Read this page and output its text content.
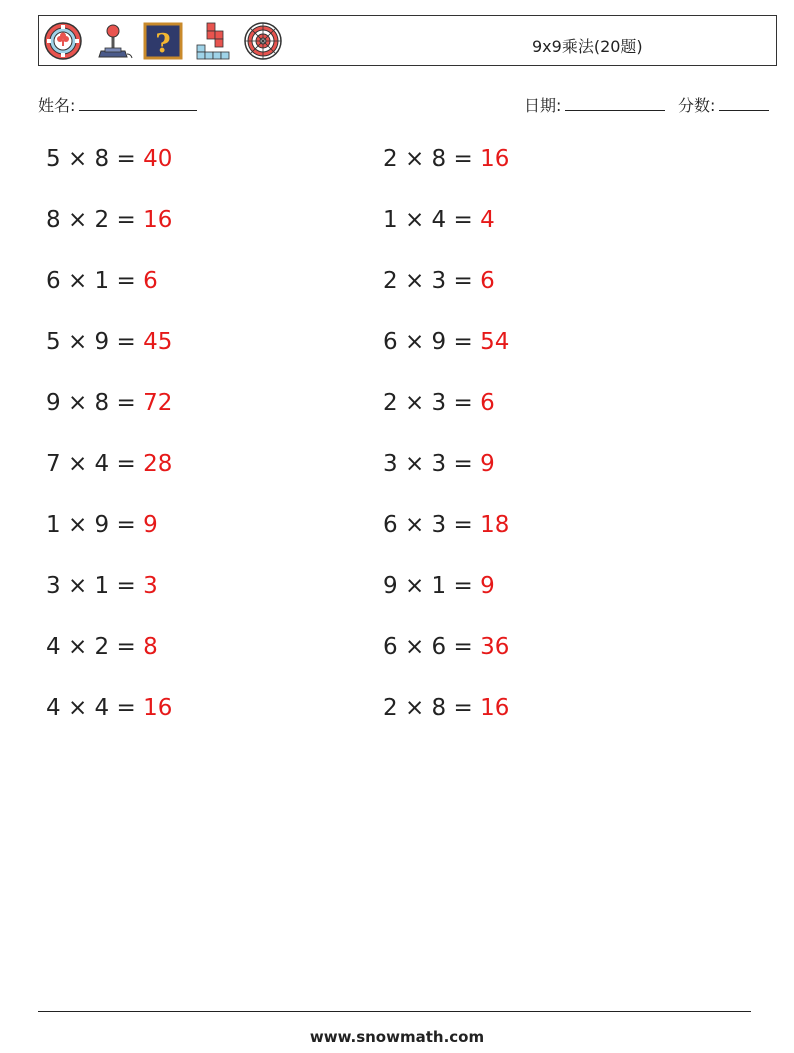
?	9x9乘法(20题)
姓名:	日期:	分数:
5 × 8 = 40
8 × 2 = 16
6 × 1 = 6
5 × 9 = 45
9 × 8 = 72
7 × 4 = 28
1 × 9 = 9
3 × 1 = 3
4 × 2 = 8
4 × 4 = 16
2 × 8 = 16
1 × 4 = 4
2 × 3 = 6
6 × 9 = 54
2 × 3 = 6
3 × 3 = 9
6 × 3 = 18
9 × 1 = 9
6 × 6 = 36
2 × 8 = 16
www.snowmath.com
